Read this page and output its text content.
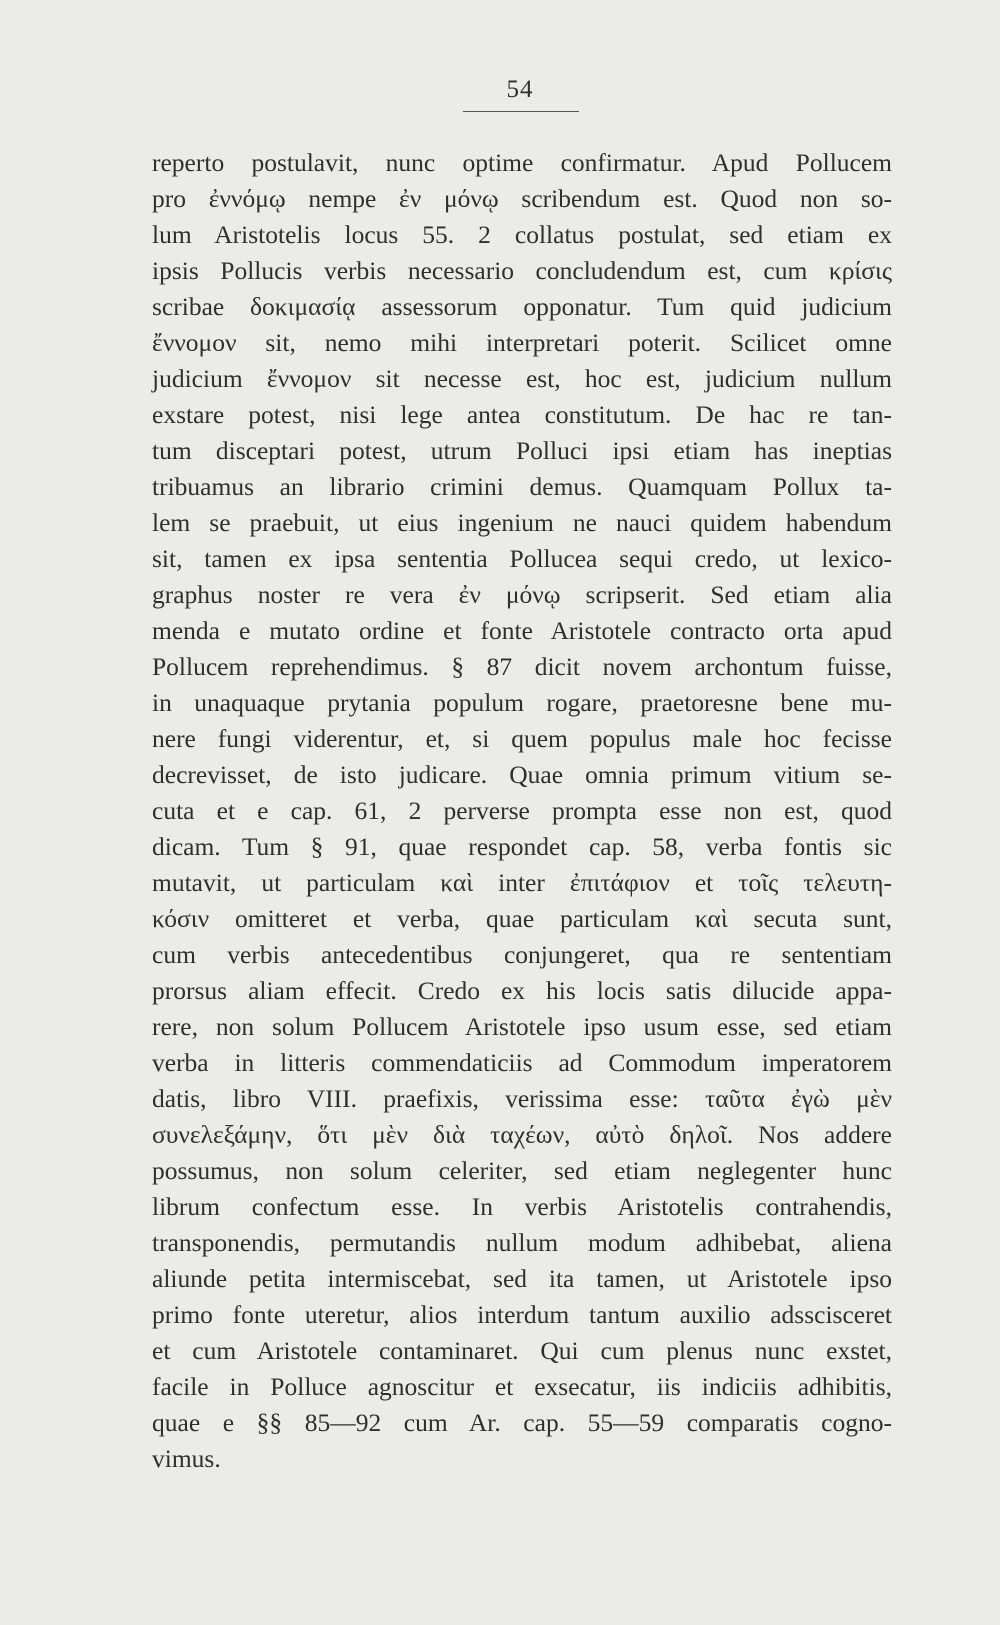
54
reperto postulavit, nunc optime confirmatur. Apud Pollucem
pro ἐννόμῳ nempe ἐν μόνῳ scribendum est. Quod non so-
lum Aristotelis locus 55. 2 collatus postulat, sed etiam ex
ipsis Pollucis verbis necessario concludendum est, cum κρίσις
scribae δοκιμασίᾳ assessorum opponatur. Tum quid judicium
ἔννομον sit, nemo mihi interpretari poterit. Scilicet omne
judicium ἔννομον sit necesse est, hoc est, judicium nullum
exstare potest, nisi lege antea constitutum. De hac re tan-
tum disceptari potest, utrum Polluci ipsi etiam has ineptias
tribuamus an librario crimini demus. Quamquam Pollux ta-
lem se praebuit, ut eius ingenium ne nauci quidem habendum
sit, tamen ex ipsa sententia Pollucea sequi credo, ut lexico-
graphus noster re vera ἐν μόνῳ scripserit. Sed etiam alia
menda e mutato ordine et fonte Aristotele contracto orta apud
Pollucem reprehendimus. § 87 dicit novem archontum fuisse,
in unaquaque prytania populum rogare, praetoresne bene mu-
nere fungi viderentur, et, si quem populus male hoc fecisse
decrevisset, de isto judicare. Quae omnia primum vitium se-
cuta et e cap. 61, 2 perverse prompta esse non est, quod
dicam. Tum § 91, quae respondet cap. 58, verba fontis sic
mutavit, ut particulam καὶ inter ἐπιτάφιον et τοῖς τελευτη-
κόσιν omitteret et verba, quae particulam καὶ secuta sunt,
cum verbis antecedentibus conjungeret, qua re sententiam
prorsus aliam effecit. Credo ex his locis satis dilucide appa-
rere, non solum Pollucem Aristotele ipso usum esse, sed etiam
verba in litteris commendaticiis ad Commodum imperatorem
datis, libro VIII. praefixis, verissima esse: ταῦτα ἐγὼ μὲν
συνελεξάμην, ὅτι μὲν διὰ ταχέων, αὐτὸ δηλοῖ. Nos addere
possumus, non solum celeriter, sed etiam neglegenter hunc
librum confectum esse. In verbis Aristotelis contrahendis,
transponendis, permutandis nullum modum adhibebat, aliena
aliunde petita intermiscebat, sed ita tamen, ut Aristotele ipso
primo fonte uteretur, alios interdum tantum auxilio adsscisceret
et cum Aristotele contaminaret. Qui cum plenus nunc exstet,
facile in Polluce agnoscitur et exsecatur, iis indiciis adhibitis,
quae e §§ 85—92 cum Ar. cap. 55—59 comparatis cogno-
vimus.
